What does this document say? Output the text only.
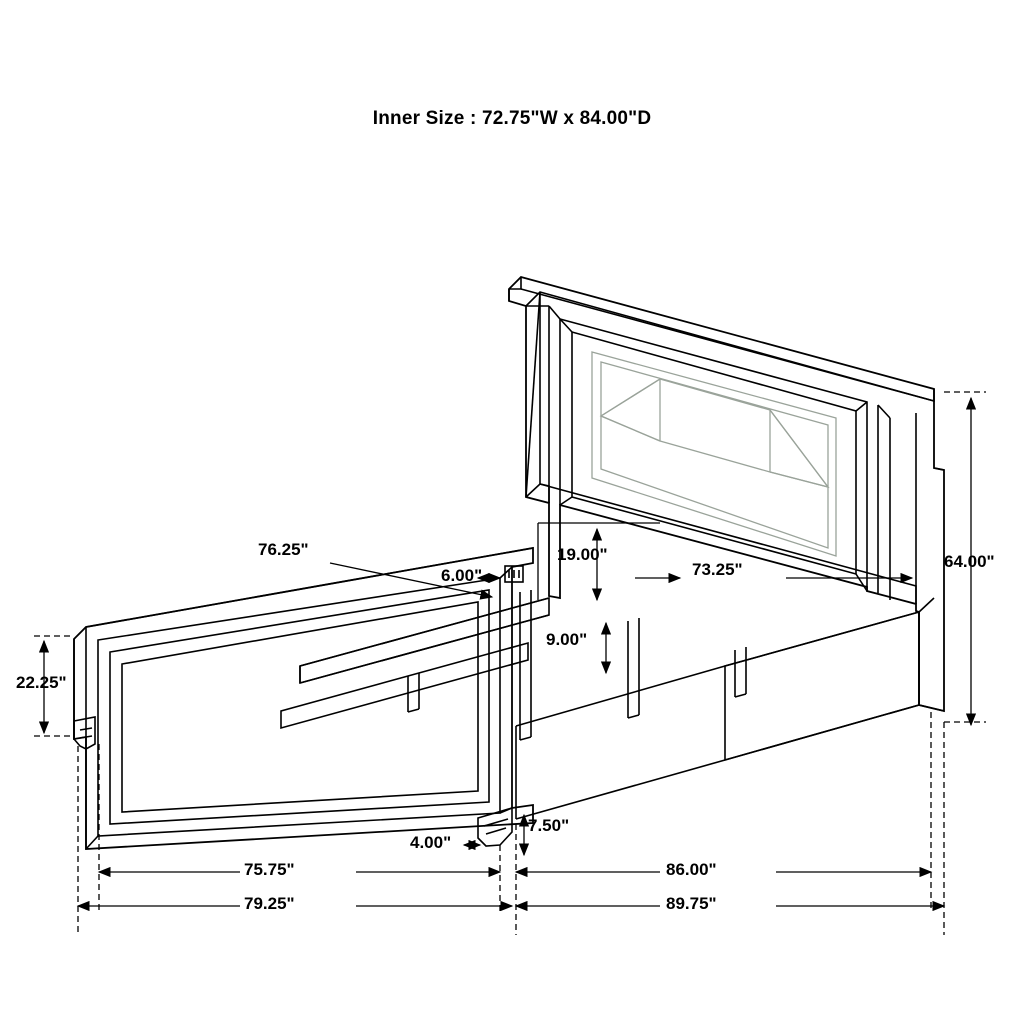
Inner Size : 72.75"W x 84.00"D
64.00"
73.25"
19.00"
9.00"
76.25"
6.00"
22.25"
7.50"
4.00"
75.75"
79.25"
86.00"
89.75"
